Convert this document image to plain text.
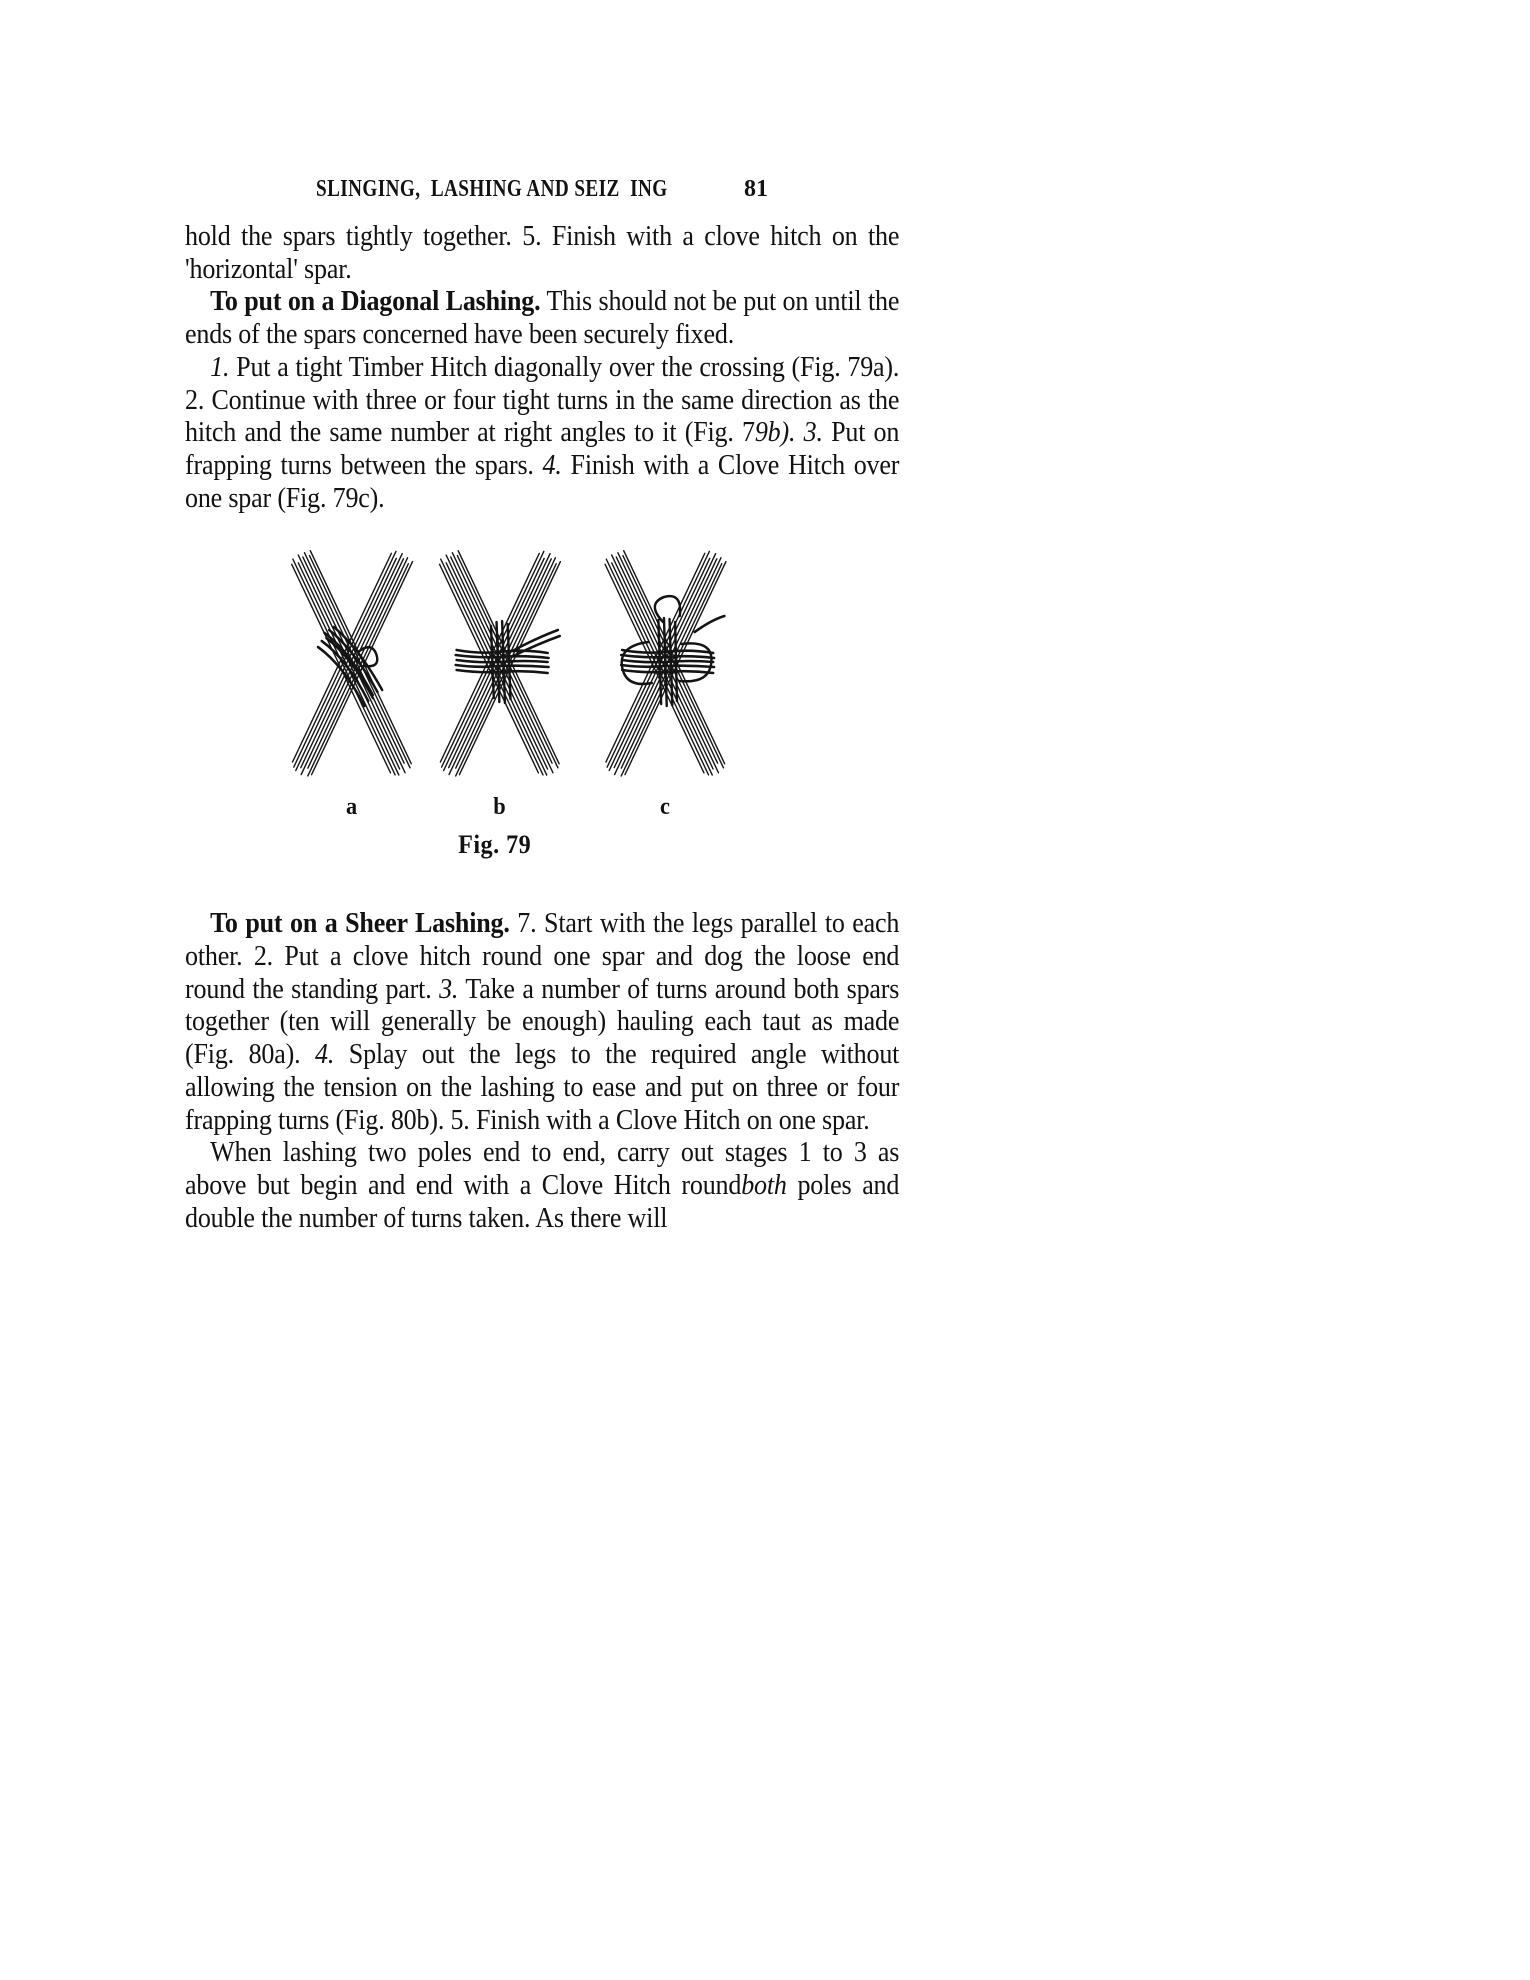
SLINGING,  LASHING AND SEIZ  ING	81

hold the spars tightly together. 5. Finish with a clove hitch on the 'horizontal' spar.

To put on a Diagonal Lashing. This should not be put on until the ends of the spars concerned have been securely fixed.

1. Put a tight Timber Hitch diagonally over the crossing (Fig. 79a). 2. Continue with three or four tight turns in the same direction as the hitch and the same number at right angles to it (Fig. 79b). 3. Put on frapping turns between the spars. 4. Finish with a Clove Hitch over one spar (Fig. 79c).

a	b	c
Fig. 79

To put on a Sheer Lashing. 7. Start with the legs parallel to each other. 2. Put a clove hitch round one spar and dog the loose end round the standing part. 3. Take a number of turns around both spars together (ten will generally be enough) hauling each taut as made (Fig. 80a). 4. Splay out the legs to the required angle without allowing the tension on the lashing to ease and put on three or four frapping turns (Fig. 80b). 5. Finish with a Clove Hitch on one spar.

When lashing two poles end to end, carry out stages 1 to 3 as above but begin and end with a Clove Hitch roundboth poles and double the number of turns taken. As there will
